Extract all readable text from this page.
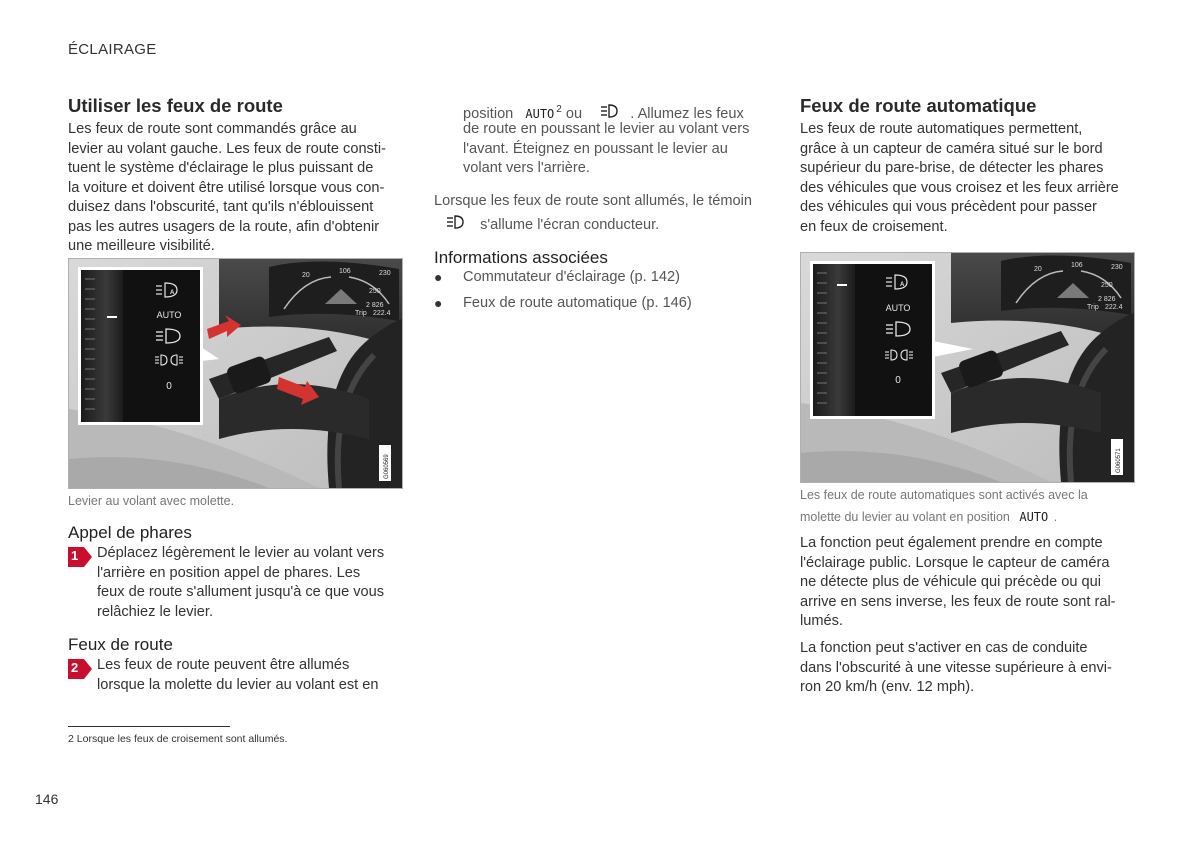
ÉCLAIRAGE
Utiliser les feux de route

Les feux de route sont commandés grâce au

levier au volant gauche. Les feux de route consti-

tuent le système d'éclairage le plus puissant de

la voiture et doivent être utilisé lorsque vous con-

duisez dans l'obscurité, tant qu'ils n'éblouissent

pas les autres usagers de la route, afin d'obtenir

une meilleure visibilité.

20
106	230
250
2 826
Trip 222.4
A
AUTO
0
G060569

Levier au volant avec molette.

Appel de phares
1 Déplacez légèrement le levier au volant vers

l'arrière en position appel de phares. Les

feux de route s'allument jusqu'à ce que vous

relâchiez le levier.

Feux de route
2 Les feux de route peuvent être allumés

lorsque la molette du levier au volant est en

position AUTO $^2$ ou	. Allumez les feux

de route en poussant le levier au volant vers

l'avant. Éteignez en poussant le levier au

volant vers l'arrière.

Lorsque les feux de route sont allumés, le témoin

s'allume l'écran conducteur.
Informations associées
● Commutateur d'éclairage (p. 142)
● Feux de route automatique (p. 146)
Feux de route automatique

Les feux de route automatiques permettent,

grâce à un capteur de caméra situé sur le bord

supérieur du pare-brise, de détecter les phares

des véhicules que vous croisez et les feux arrière

des véhicules qui vous précèdent pour passer

en feux de croisement.

20
106	230
250
2 826
Trip 222.4
A
AUTO
0
G060571

Les feux de route automatiques sont activés avec la

molette du levier au volant en position AUTO .

La fonction peut également prendre en compte

l'éclairage public. Lorsque le capteur de caméra

ne détecte plus de véhicule qui précède ou qui

arrive en sens inverse, les feux de route sont ral-

lumés.

La fonction peut s'activer en cas de conduite

dans l'obscurité à une vitesse supérieure à envi-

ron 20 km/h (env. 12 mph).

2 Lorsque les feux de croisement sont allumés.
146
